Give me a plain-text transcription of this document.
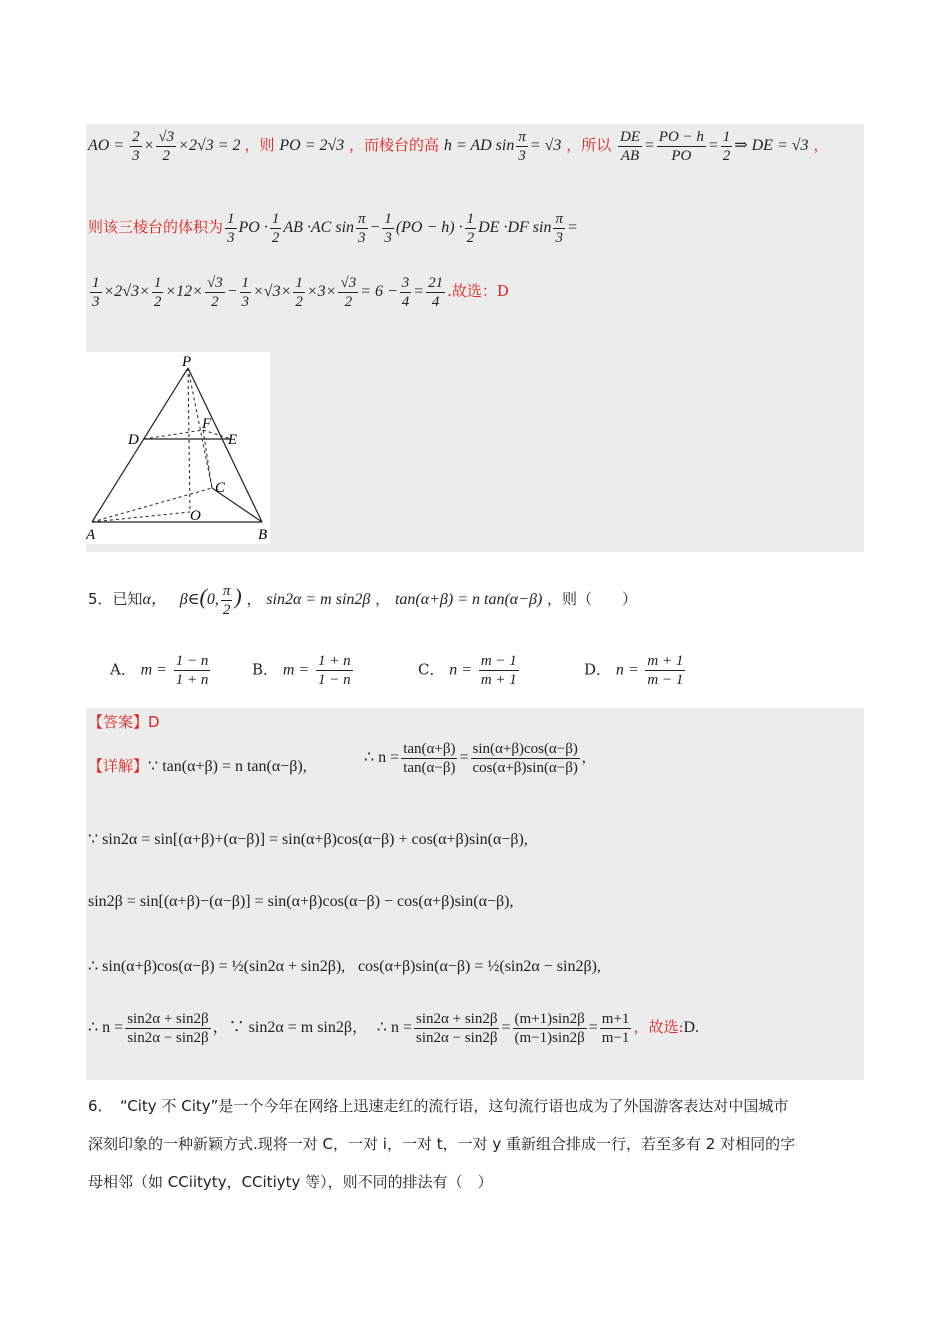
AO = $\frac{2}{3} \times \frac{√3}{2} \times 2√3 = 2$ ，则 PO = 2√3 ，而棱台的高 h = AD $\sin \frac{\pi}{3} = √3$ ，所以 $\frac{DE}{AB} = \frac{PO - h}{PO} = \frac{1}{2}$ ⇒ DE = √3 ，
则该三棱台的体积为 $\frac{1}{3}$ PO · $\frac{1}{2}$ AB ·AC $\sin \frac{\pi}{3} - \frac{1}{3} (PO - h) \cdot \frac{1}{2}$ DE ·DF $\sin \frac{\pi}{3}$ =
$\frac{1}{3} \times 2√3\times \frac{1}{2} \times 12\times \frac{√3}{2} - \frac{1}{3} \times√3\times \frac{1}{2} \times 3\times \frac{√3}{2} = 6 - \frac{3}{4} = \frac{21}{4}$ .故选：D
P
D
F
E
C
O
A	B
5．已知α， β∈(0, $\frac{\pi}{2}$ ) ， sin2α = m sin2β ， tan(α+β) = n tan(α−β) ，则（　　）
A． $m = \frac{1 - n}{1 + n}$	B． $m = \frac{1 + n}{1 - n}$	C． $n = \frac{m - 1}{m + 1}$	D． $n = \frac{m + 1}{m - 1}$
【答案】D
【详解】∵ tan(α+β) = n tan(α−β),
∴ $n = \frac{\tan(\alpha+\beta)}{\tan(\alpha-\beta)} = \frac{\sin(\alpha+\beta)\cos(\alpha-\beta)}{\cos(\alpha+\beta)\sin(\alpha-\beta)}$ ,
∵ sin2α = sin[(α+β)+(α−β)] = sin(α+β)cos(α−β) + cos(α+β)sin(α−β),
sin2β = sin[(α+β)−(α−β)] = sin(α+β)cos(α−β) − cos(α+β)sin(α−β),
∴ sin(α+β)cos(α−β) = ½(sin2α + sin2β), cos(α+β)sin(α−β) = ½(sin2α − sin2β),
∴ $n = \frac{\sin 2\alpha + \sin 2\beta}{\sin 2\alpha - \sin 2\beta}$ ，∵ sin2α = m sin2β， ∴ $n = \frac{\sin 2\alpha + \sin 2\beta}{\sin 2\alpha - \sin 2\beta} = \frac{(m+1)\sin 2\beta}{(m-1)\sin 2\beta} = \frac{m+1}{m-1}$ ，故选:D.
6．　“City 不 City”是一个今年在网络上迅速走红的流行语，这句流行语也成为了外国游客表达对中国城市
深刻印象的一种新颖方式.现将一对 C，一对 i，一对 t，一对 y 重新组合排成一行，若至多有 2 对相同的字
母相邻（如 CCiityty，CCitiyty 等），则不同的排法有（　）
